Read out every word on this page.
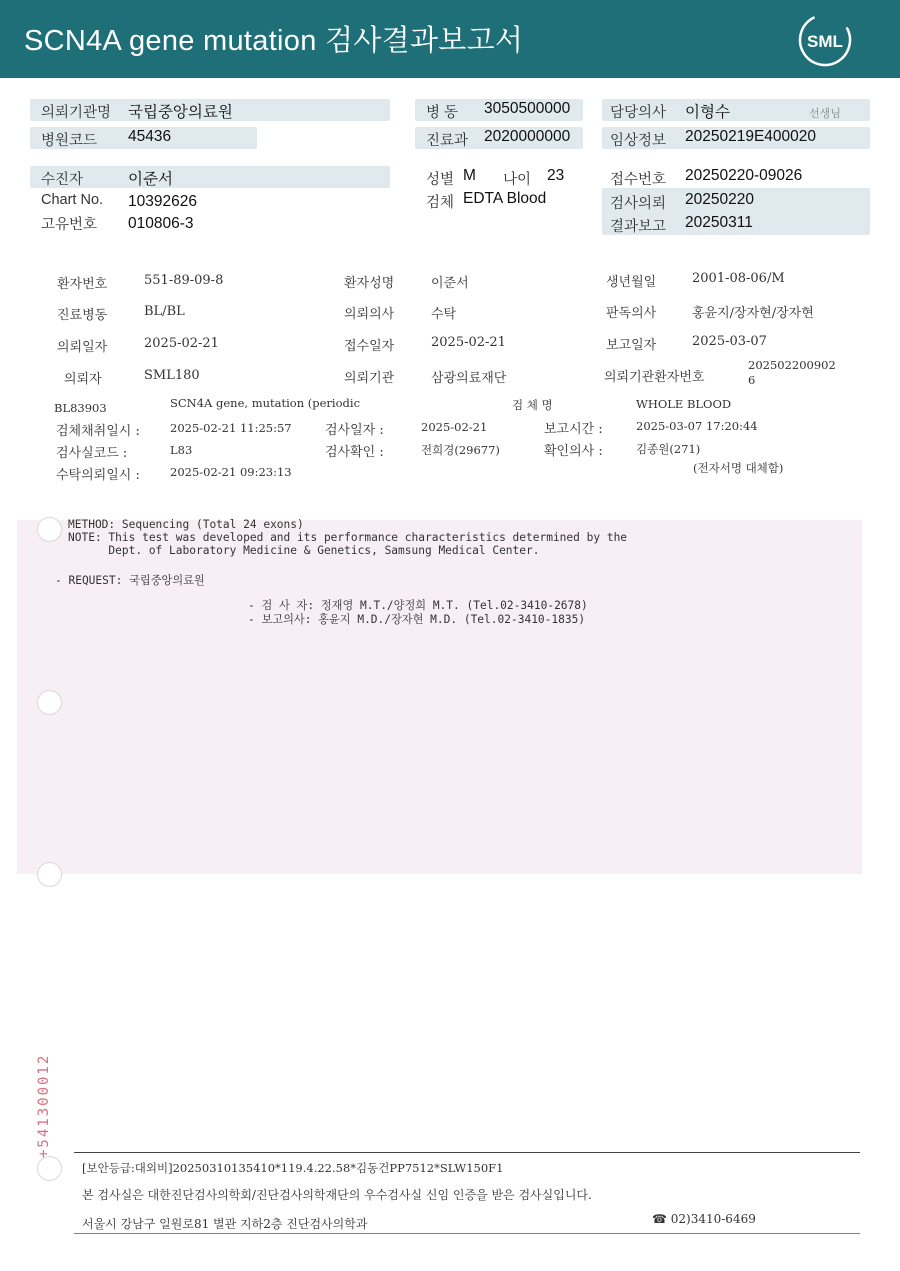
SCN4A gene mutation 검사결과보고서	SML
의뢰기관명 국립중앙의료원
병원코드 45436
병 동 3050500000
진료과 2020000000
담당의사 이형수	선생님
임상정보 20250219E400020
수진자	이준서
Chart No. 10392626
고유번호 010806-3
성별 M 나이 23
검체 EDTA Blood
접수번호 20250220-09026
검사의뢰 20250220
결과보고 20250311
환자번호	551-89-09-8	환자성명	이준서	생년월일	2001-08-06/M
진료병동	BL/BL	의뢰의사	수탁	판독의사	홍윤지/장자현/장자현
의뢰일자	2025-02-21	접수일자	2025-02-21	보고일자	2025-03-07
의뢰자	SML180	의뢰기관	삼광의료재단	의뢰기관환자번호
202502200902
6
BL83903	SCN4A gene, mutation (periodic	검 체 명	WHOLE BLOOD
검체채취일시 :	2025-02-21 11:25:57	검사일자 :	2025-02-21	보고시간 :	2025-03-07 17:20:44
검사실코드 :	L83	검사확인 :	전희경(29677)	확인의사 :	김종원(271)
수탁의뢰일시 :	2025-02-21 09:23:13	(전자서명 대체함)
METHOD: Sequencing (Total 24 exons)
NOTE: This test was developed and its performance characteristics determined by the
Dept. of Laboratory Medicine & Genetics, Samsung Medical Center.
- REQUEST: 국립중앙의료원
- 검 사 자: 정재영 M.T./양정희 M.T. (Tel.02-3410-2678)
- 보고의사: 홍윤지 M.D./장자현 M.D. (Tel.02-3410-1835)
+541300012
[보안등급:대외비]20250310135410*119.4.22.58*김동건PP7512*SLW150F1
본 검사실은 대한진단검사의학회/진단검사의학재단의 우수검사실 신임 인증을 받은 검사실입니다.
서울시 강남구 일원로81 별관 지하2층 진단검사의학과	☎ 02)3410-6469
